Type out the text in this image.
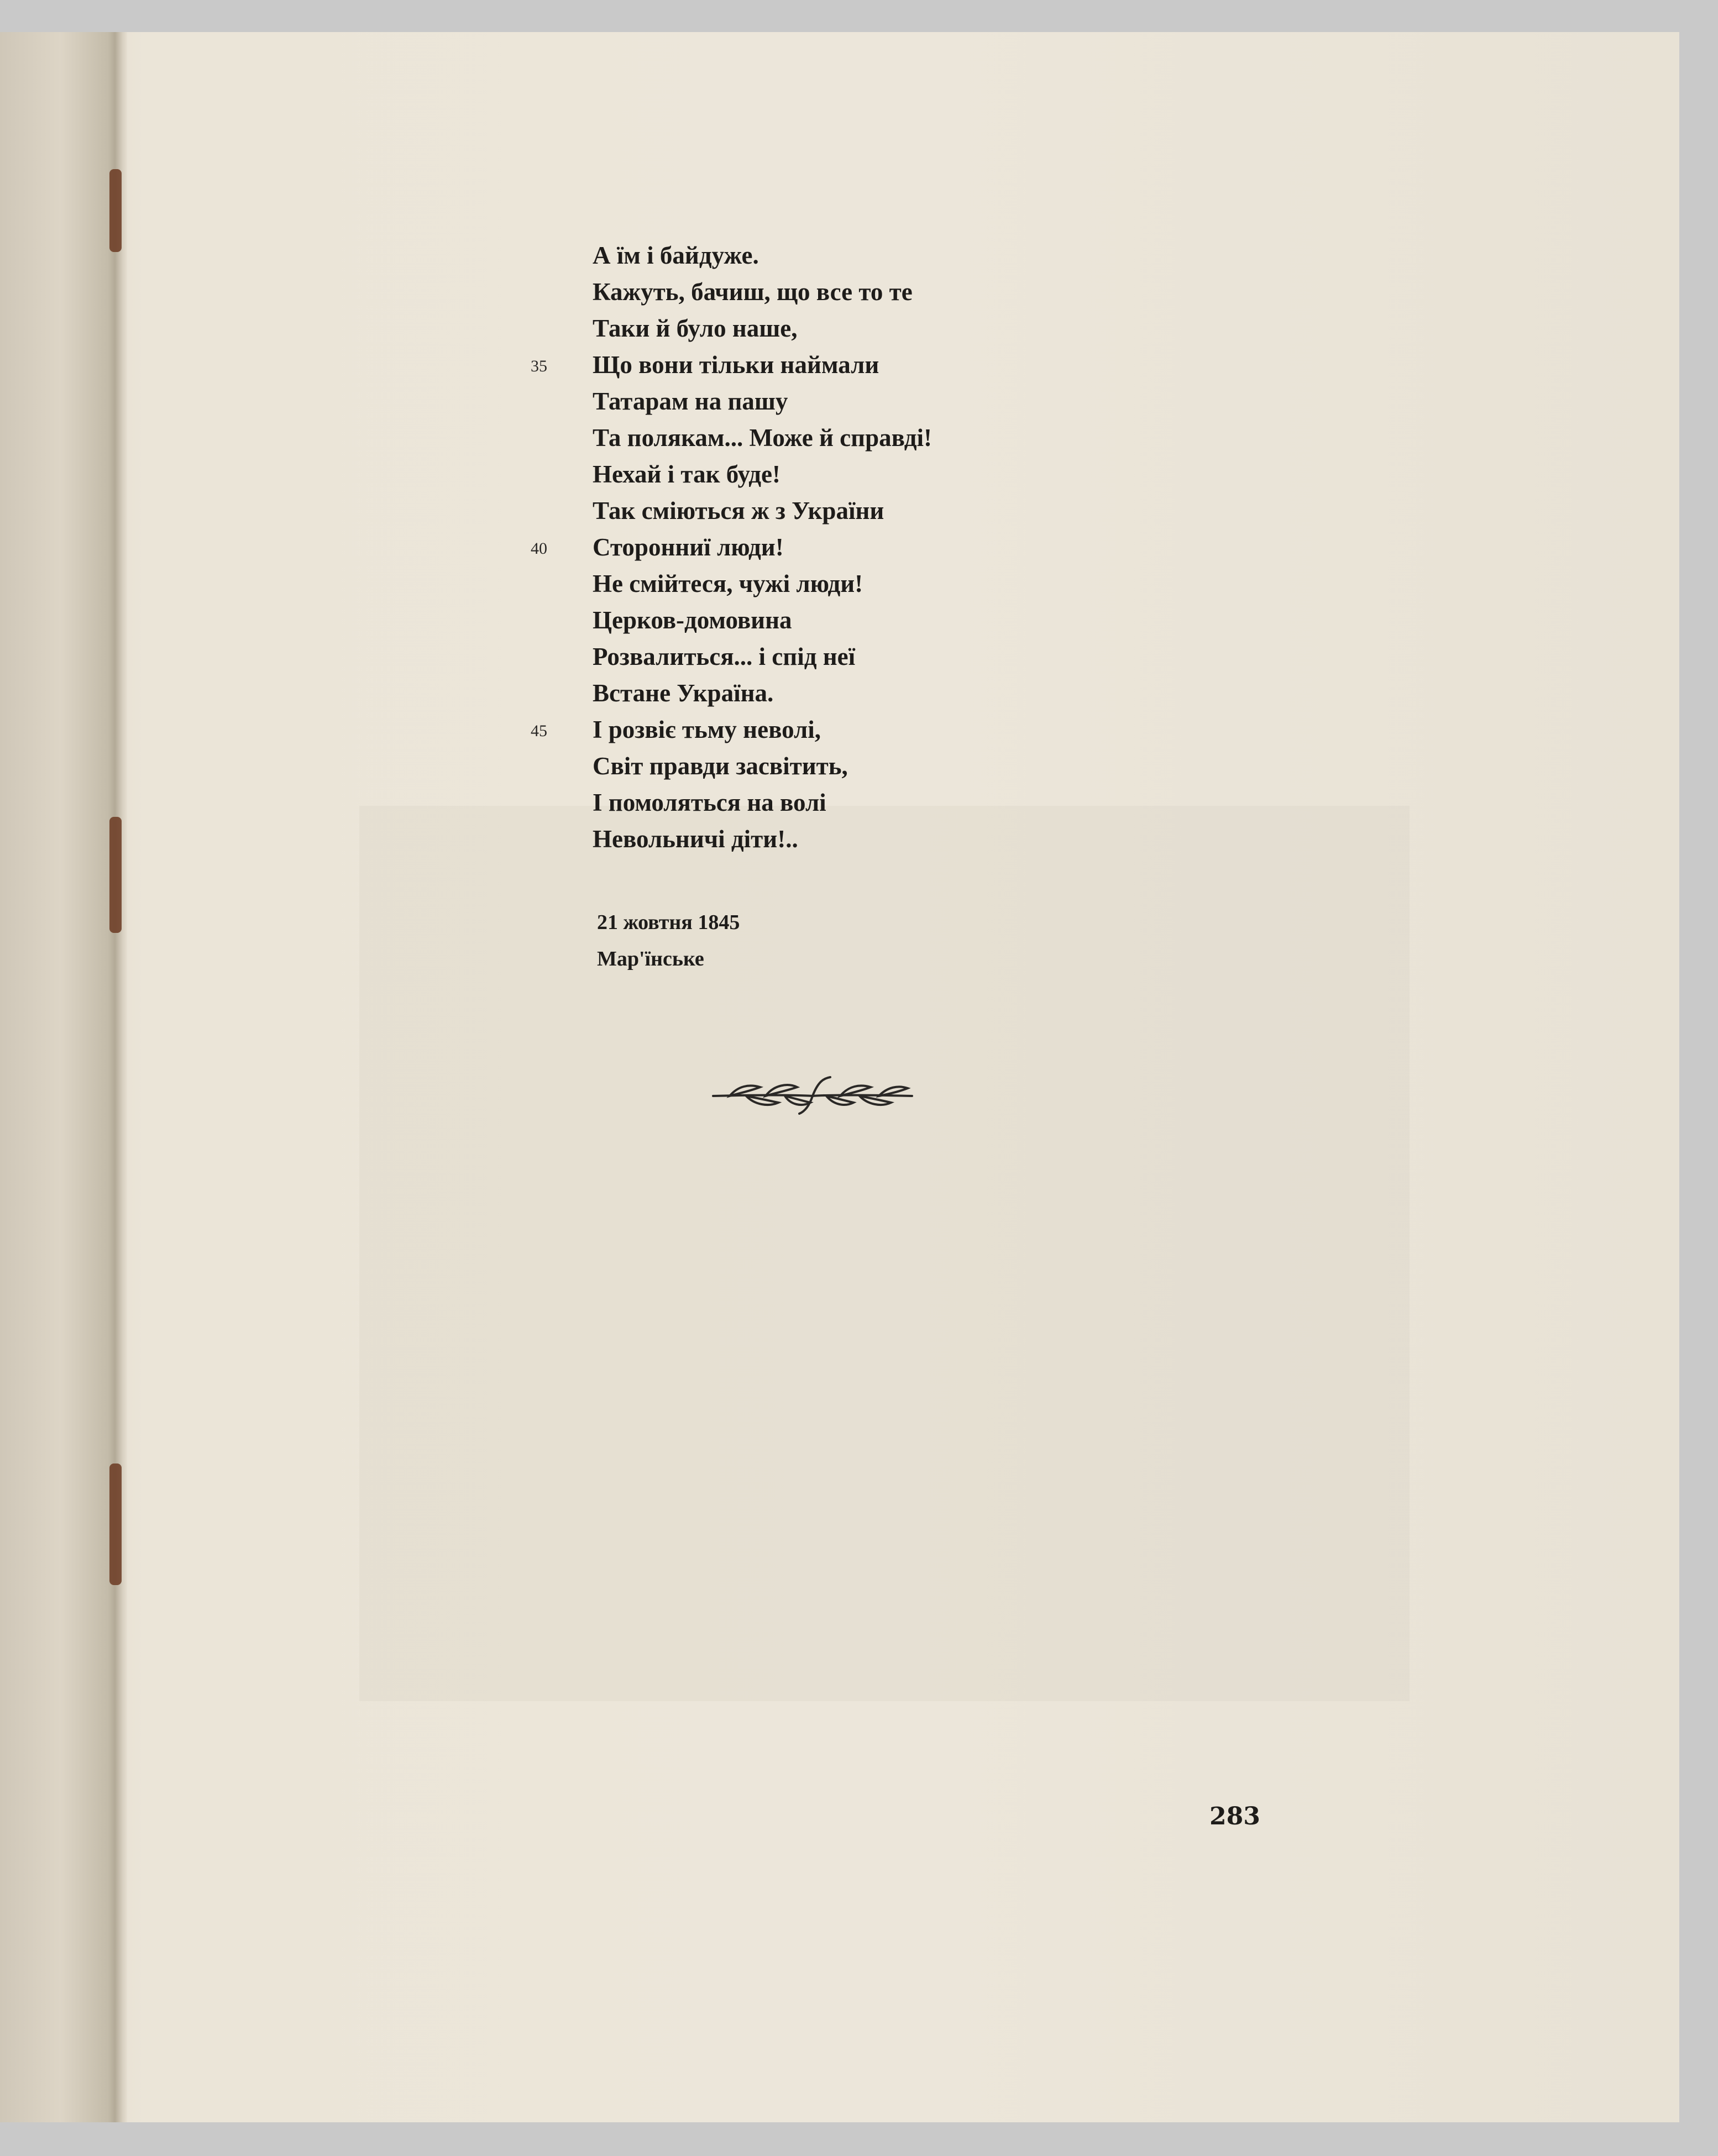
А їм і байдуже.
Кажуть, бачиш, що все то те
Таки й було наше,
35 Що вони тільки наймали
Татарам на пашу
Та полякам... Може й справді!
Нехай і так буде!
Так сміються ж з України
40 Сторонниї люди!
Не смійтеся, чужі люди!
Церков-домовина
Розвалиться... і спід неї
Встане Україна.
45 І розвіє тьму неволі,
Світ правди засвітить,
І помоляться на волі
Невольничі діти!..
21 жовтня 1845
Мар'їнське
283
